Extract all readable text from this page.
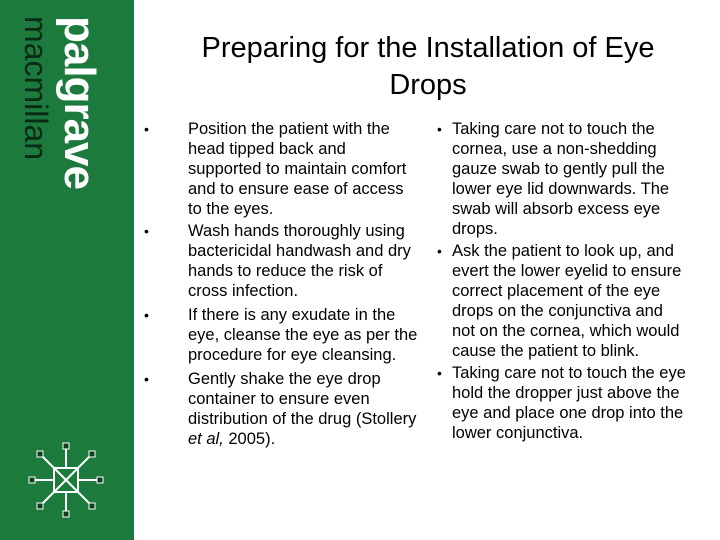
palgrave
macmillan	Preparing for the Installation of Eye Drops
• Position the patient with the head tipped back and supported to maintain comfort and to ensure ease of access to the eyes.
• Wash hands thoroughly using bactericidal handwash and dry hands to reduce the risk of cross infection.
• If there is any exudate in the eye, cleanse the eye as per the procedure for eye cleansing.
• Gently shake the eye drop container to ensure even distribution of the drug (Stollery et al, 2005).
• Taking care not to touch the cornea, use a non-shedding gauze swab to gently pull the lower eye lid downwards. The swab will absorb excess eye drops.
• Ask the patient to look up, and evert the lower eyelid to ensure correct placement of the eye drops on the conjunctiva and not on the cornea, which would cause the patient to blink.
• Taking care not to touch the eye hold the dropper just above the eye and place one drop into the lower conjunctiva.
